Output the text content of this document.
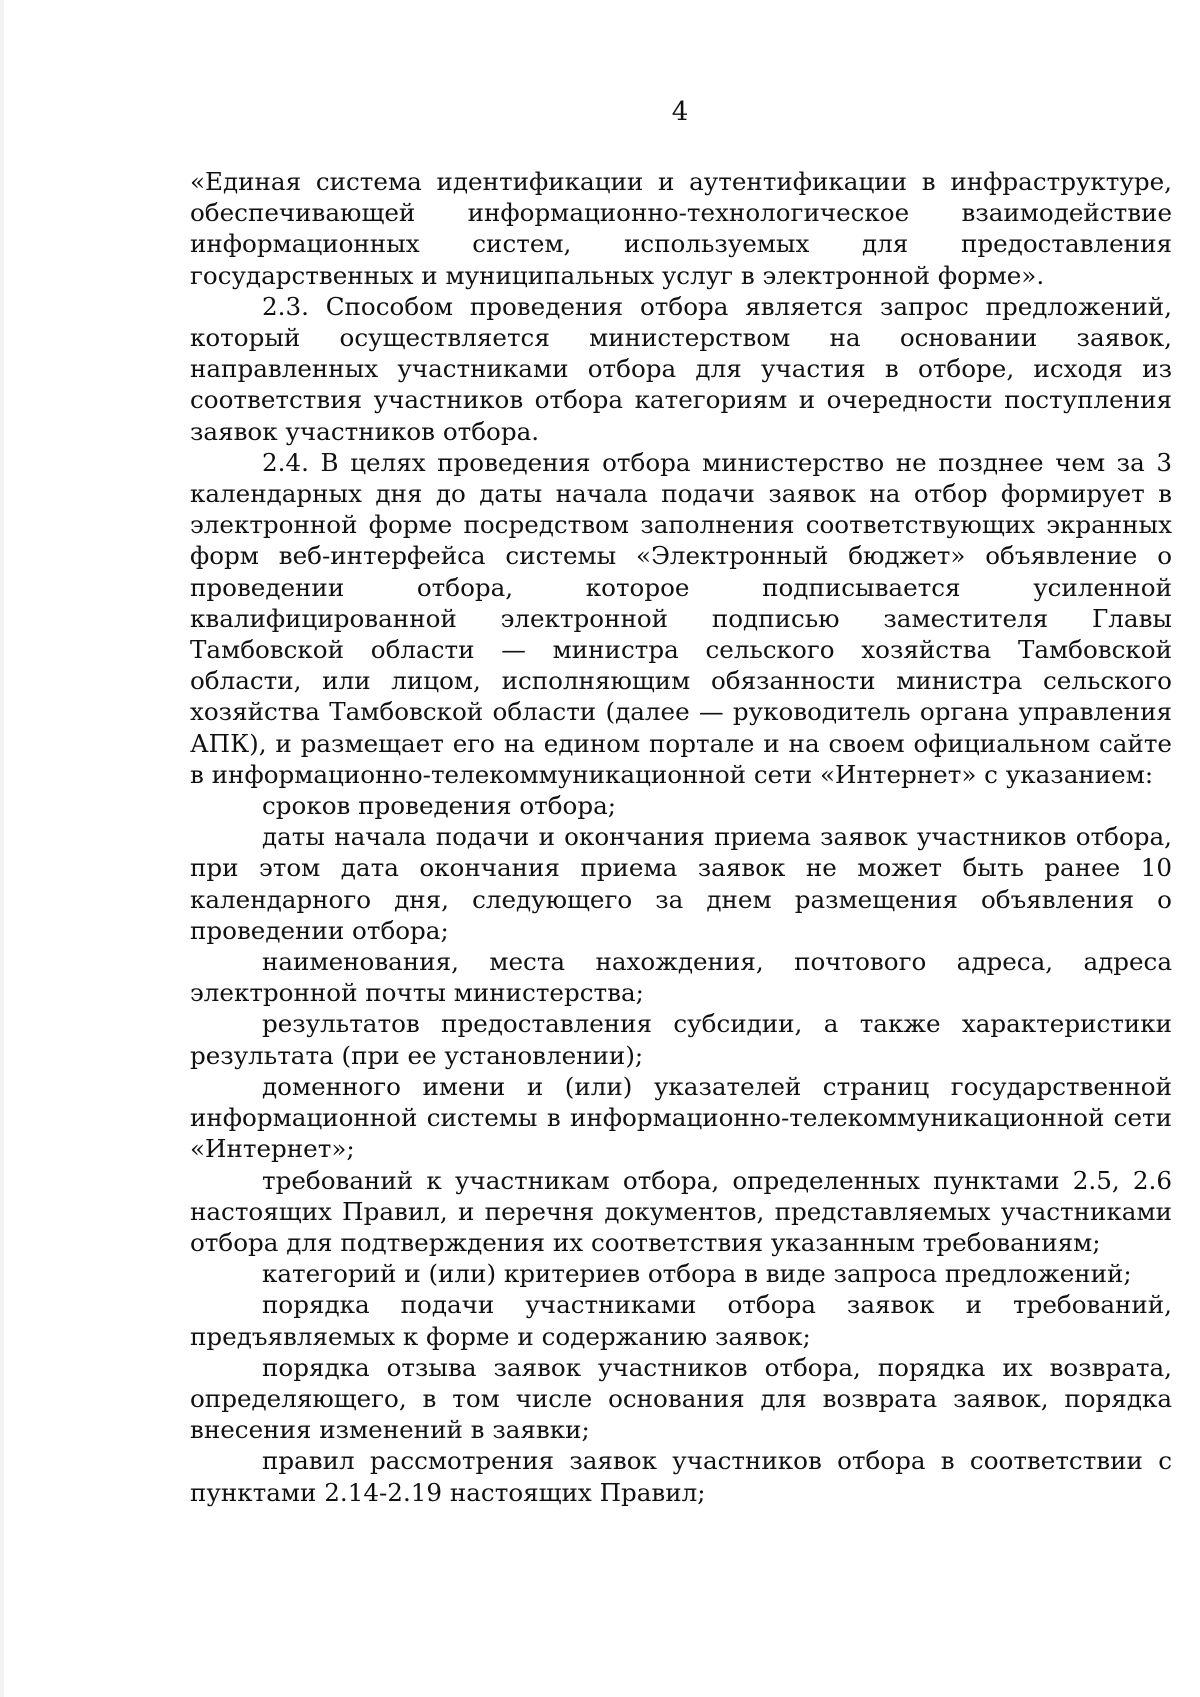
4

«Единая система идентификации и аутентификации в инфраструктуре, обеспечивающей информационно-технологическое взаимодействие информационных систем, используемых для предоставления государственных и муниципальных услуг в электронной форме».

2.3. Способом проведения отбора является запрос предложений, который осуществляется министерством на основании заявок, направленных участниками отбора для участия в отборе, исходя из соответствия участников отбора категориям и очередности поступления заявок участников отбора.

2.4. В целях проведения отбора министерство не позднее чем за 3 календарных дня до даты начала подачи заявок на отбор формирует в электронной форме посредством заполнения соответствующих экранных форм веб-интерфейса системы «Электронный бюджет» объявление о проведении отбора, которое подписывается усиленной квалифицированной электронной подписью заместителя Главы Тамбовской области — министра сельского хозяйства Тамбовской области, или лицом, исполняющим обязанности министра сельского хозяйства Тамбовской области (далее — руководитель органа управления АПК), и размещает его на едином портале и на своем официальном сайте в информационно-телекоммуникационной сети «Интернет» с указанием:

сроков проведения отбора;

даты начала подачи и окончания приема заявок участников отбора, при этом дата окончания приема заявок не может быть ранее 10 календарного дня, следующего за днем размещения объявления о проведении отбора;

наименования, места нахождения, почтового адреса, адреса электронной почты министерства;

результатов предоставления субсидии, а также характеристики результата (при ее установлении);

доменного имени и (или) указателей страниц государственной информационной системы в информационно-телекоммуникационной сети «Интернет»;

требований к участникам отбора, определенных пунктами 2.5, 2.6 настоящих Правил, и перечня документов, представляемых участниками отбора для подтверждения их соответствия указанным требованиям;

категорий и (или) критериев отбора в виде запроса предложений;

порядка подачи участниками отбора заявок и требований, предъявляемых к форме и содержанию заявок;

порядка отзыва заявок участников отбора, порядка их возврата, определяющего, в том числе основания для возврата заявок, порядка внесения изменений в заявки;

правил рассмотрения заявок участников отбора в соответствии с пунктами 2.14-2.19 настоящих Правил;
